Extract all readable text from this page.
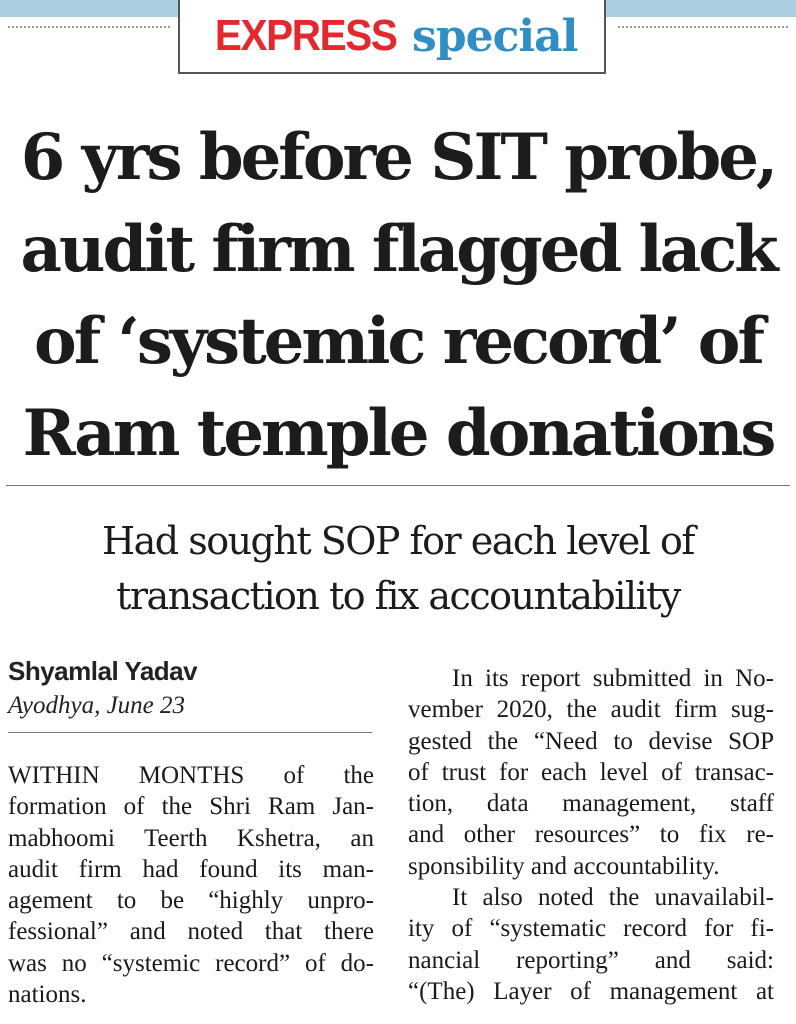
EXPRESS special
6 yrs before SIT probe,
audit firm flagged lack
of ‘systemic record’ of
Ram temple donations
Had sought SOP for each level of
transaction to fix accountability
Shyamlal Yadav
Ayodhya, June 23
WITHIN MONTHS of the
formation of the Shri Ram Jan-
mabhoomi Teerth Kshetra, an
audit firm had found its man-
agement to be “highly unpro-
fessional” and noted that there
was no “systemic record” of do-
nations.
In its report submitted in No-
vember 2020, the audit firm sug-
gested the “Need to devise SOP
of trust for each level of transac-
tion, data management, staff
and other resources” to fix re-
sponsibility and accountability.
It also noted the unavailabil-
ity of “systematic record for fi-
nancial reporting” and said:
“(The) Layer of management at
